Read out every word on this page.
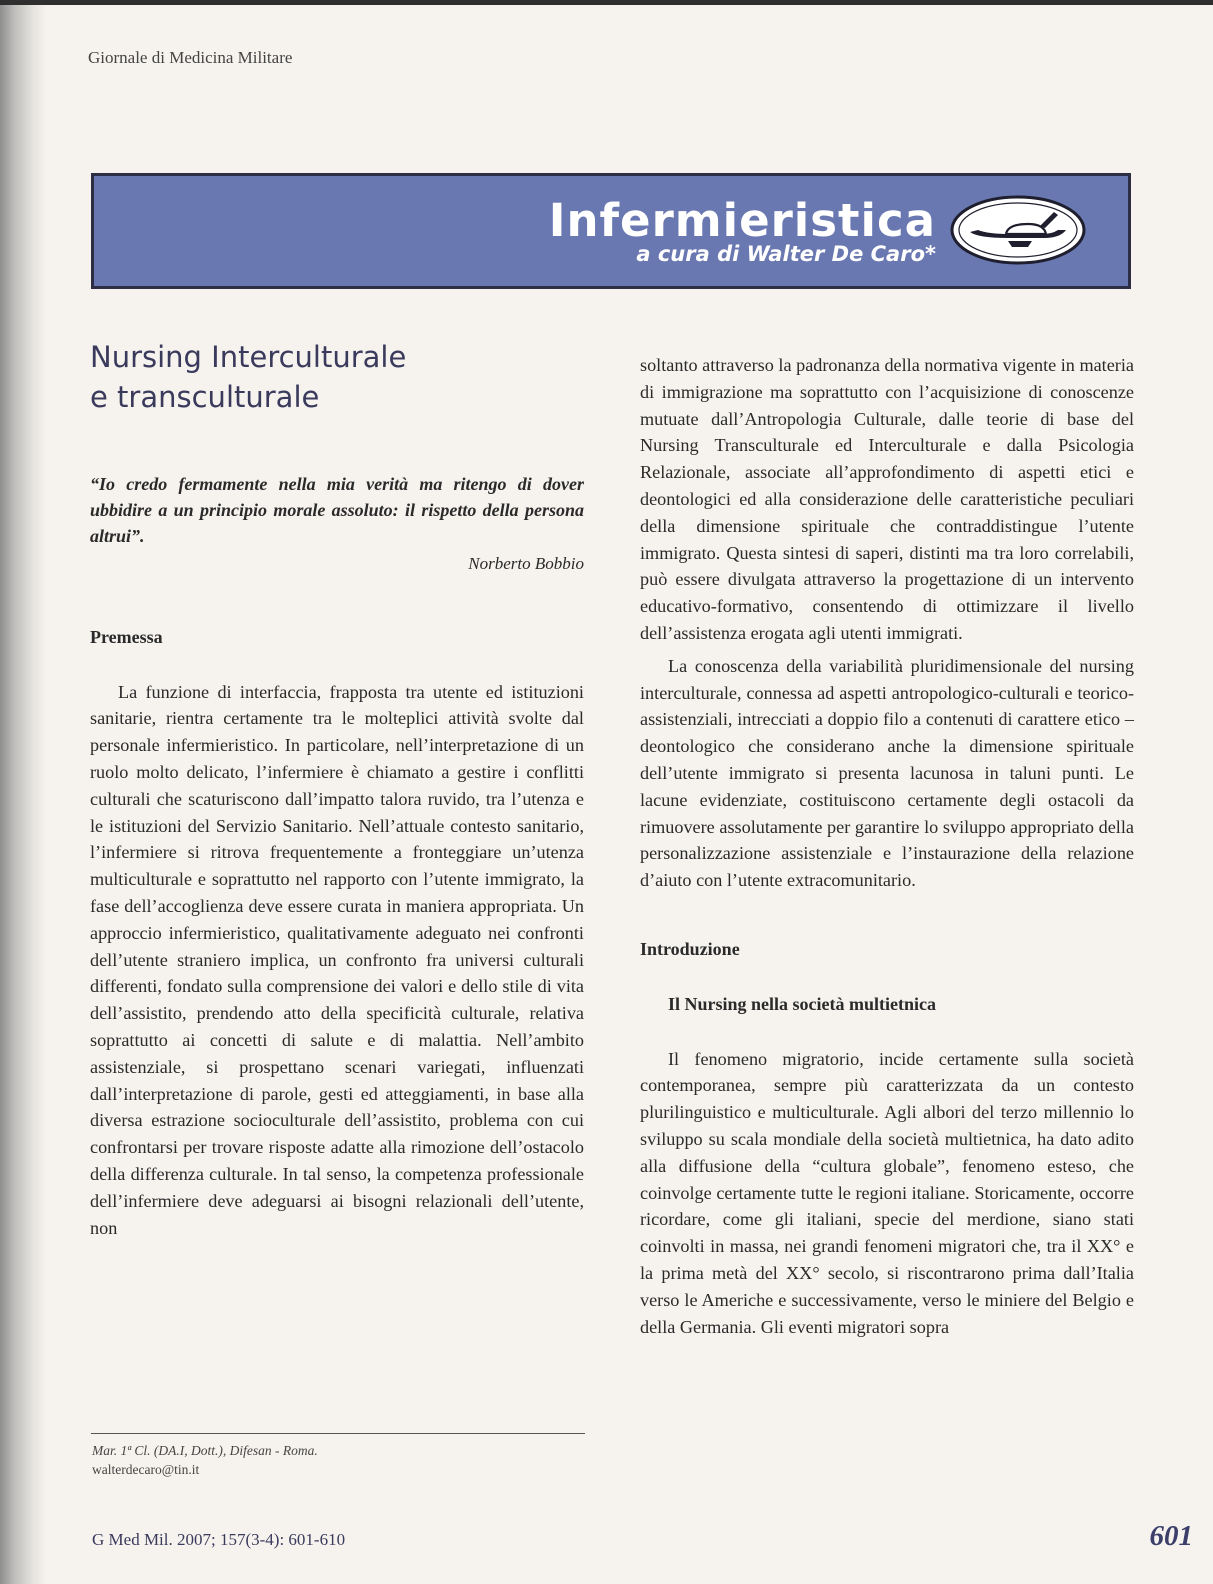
Giornale di Medicina Militare
Infermieristica
a cura di Walter De Caro*

Nursing Interculturale
e transculturale

“Io credo fermamente nella mia verità ma ritengo di dover ubbidire a un principio morale assoluto: il rispetto della persona altrui”.

Norberto Bobbio

Premessa

La funzione di interfaccia, frapposta tra utente ed istituzioni sanitarie, rientra certamente tra le molteplici attività svolte dal personale infermieristico. In particolare, nell’interpretazione di un ruolo molto delicato, l’infermiere è chiamato a gestire i conflitti culturali che scaturiscono dall’impatto talora ruvido, tra l’utenza e le istituzioni del Servizio Sanitario. Nell’attuale contesto sanitario, l’infermiere si ritrova frequentemente a fronteggiare un’utenza multiculturale e soprattutto nel rapporto con l’utente immigrato, la fase dell’accoglienza deve essere curata in maniera appropriata. Un approccio infermieristico, qualitativamente adeguato nei confronti dell’utente straniero implica, un confronto fra universi culturali differenti, fondato sulla comprensione dei valori e dello stile di vita dell’assistito, prendendo atto della specificità culturale, relativa soprattutto ai concetti di salute e di malattia. Nell’ambito assistenziale, si prospettano scenari variegati, influenzati dall’interpretazione di parole, gesti ed atteggiamenti, in base alla diversa estrazione socioculturale dell’assistito, problema con cui confrontarsi per trovare risposte adatte alla rimozione dell’ostacolo della differenza culturale. In tal senso, la competenza professionale dell’infermiere deve adeguarsi ai bisogni relazionali dell’utente, non

soltanto attraverso la padronanza della normativa vigente in materia di immigrazione ma soprattutto con l’acquisizione di conoscenze mutuate dall’Antropologia Culturale, dalle teorie di base del Nursing Transculturale ed Interculturale e dalla Psicologia Relazionale, associate all’approfondimento di aspetti etici e deontologici ed alla considerazione delle caratteristiche peculiari della dimensione spirituale che contraddistingue l’utente immigrato. Questa sintesi di saperi, distinti ma tra loro correlabili, può essere divulgata attraverso la progettazione di un intervento educativo-formativo, consentendo di ottimizzare il livello dell’assistenza erogata agli utenti immigrati.

La conoscenza della variabilità pluridimensionale del nursing interculturale, connessa ad aspetti antropologico-culturali e teorico-assistenziali, intrecciati a doppio filo a contenuti di carattere etico – deontologico che considerano anche la dimensione spirituale dell’utente immigrato si presenta lacunosa in taluni punti. Le lacune evidenziate, costituiscono certamente degli ostacoli da rimuovere assolutamente per garantire lo sviluppo appropriato della personalizzazione assistenziale e l’instaurazione della relazione d’aiuto con l’utente extracomunitario.

Introduzione

Il Nursing nella società multietnica

Il fenomeno migratorio, incide certamente sulla società contemporanea, sempre più caratterizzata da un contesto plurilinguistico e multiculturale. Agli albori del terzo millennio lo sviluppo su scala mondiale della società multietnica, ha dato adito alla diffusione della “cultura globale”, fenomeno esteso, che coinvolge certamente tutte le regioni italiane. Storicamente, occorre ricordare, come gli italiani, specie del merdione, siano stati coinvolti in massa, nei grandi fenomeni migratori che, tra il XX° e la prima metà del XX° secolo, si riscontrarono prima dall’Italia verso le Americhe e successivamente, verso le miniere del Belgio e della Germania. Gli eventi migratori sopra

Mar. 1ª Cl. (DA.I, Dott.), Difesan - Roma.
walterdecaro@tin.it
G Med Mil. 2007; 157(3-4): 601-610	601
